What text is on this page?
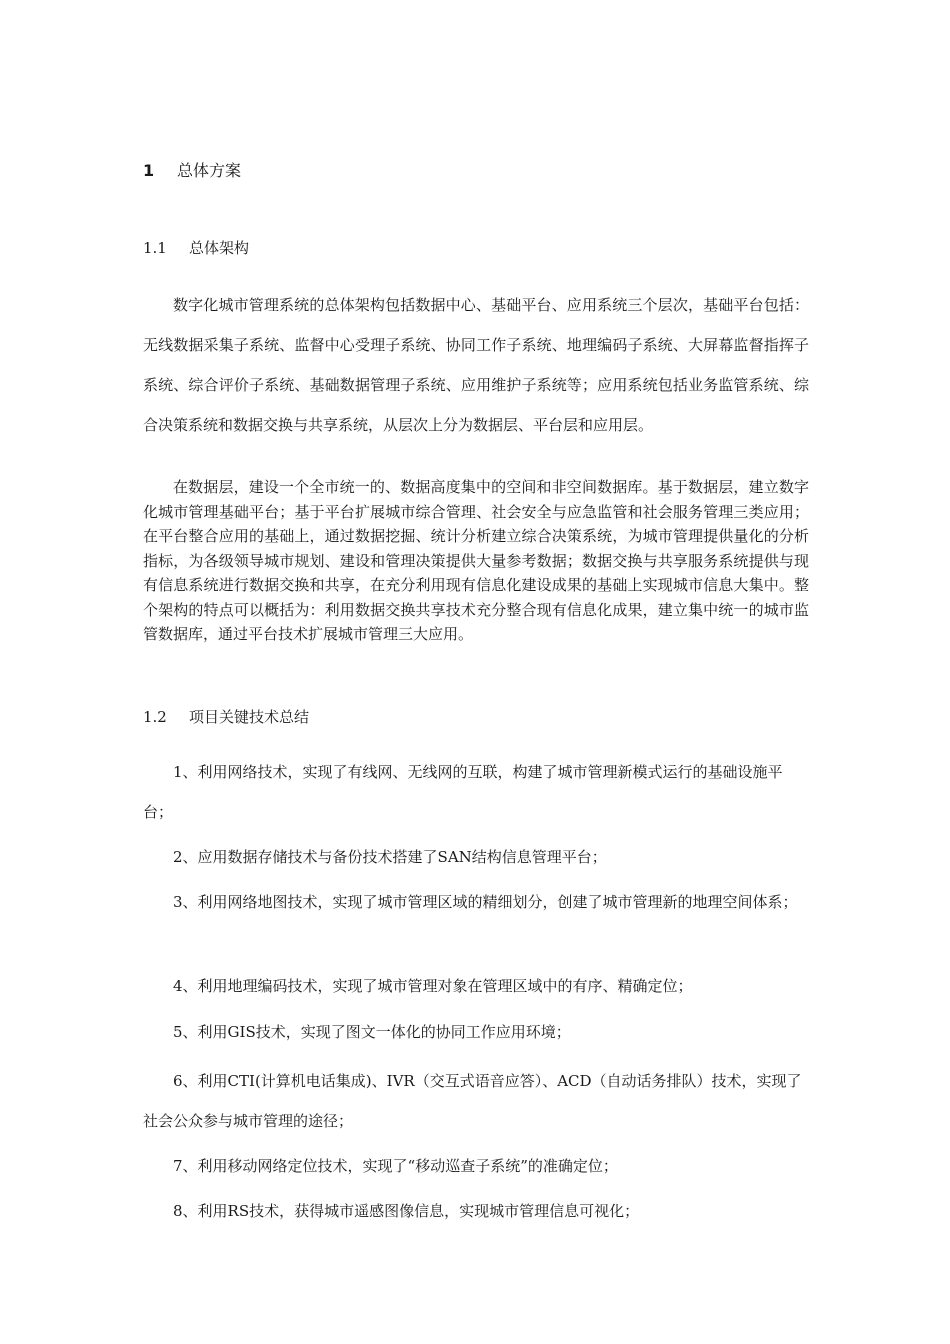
1 总体方案
1.1 总体架构

数字化城市管理系统的总体架构包括数据中心、基础平台、应用系统三个层次，基础平台包括：无线数据采集子系统、监督中心受理子系统、协同工作子系统、地理编码子系统、大屏幕监督指挥子系统、综合评价子系统、基础数据管理子系统、应用维护子系统等；应用系统包括业务监管系统、综合决策系统和数据交换与共享系统，从层次上分为数据层、平台层和应用层。

在数据层，建设一个全市统一的、数据高度集中的空间和非空间数据库。基于数据层，建立数字化城市管理基础平台；基于平台扩展城市综合管理、社会安全与应急监管和社会服务管理三类应用；在平台整合应用的基础上，通过数据挖掘、统计分析建立综合决策系统，为城市管理提供量化的分析指标，为各级领导城市规划、建设和管理决策提供大量参考数据；数据交换与共享服务系统提供与现有信息系统进行数据交换和共享，在充分利用现有信息化建设成果的基础上实现城市信息大集中。整个架构的特点可以概括为：利用数据交换共享技术充分整合现有信息化成果，建立集中统一的城市监管数据库，通过平台技术扩展城市管理三大应用。

1.2 项目关键技术总结

1、利用网络技术，实现了有线网、无线网的互联，构建了城市管理新模式运行的基础设施平台；

2、应用数据存储技术与备份技术搭建了SAN结构信息管理平台；

3、利用网络地图技术，实现了城市管理区域的精细划分，创建了城市管理新的地理空间体系；

4、利用地理编码技术，实现了城市管理对象在管理区域中的有序、精确定位；

5、利用GIS技术，实现了图文一体化的协同工作应用环境；

6、利用CTI(计算机电话集成)、IVR（交互式语音应答）、ACD（自动话务排队）技术，实现了社会公众参与城市管理的途径；

7、利用移动网络定位技术，实现了“移动巡查子系统”的准确定位；

8、利用RS技术，获得城市遥感图像信息，实现城市管理信息可视化；
